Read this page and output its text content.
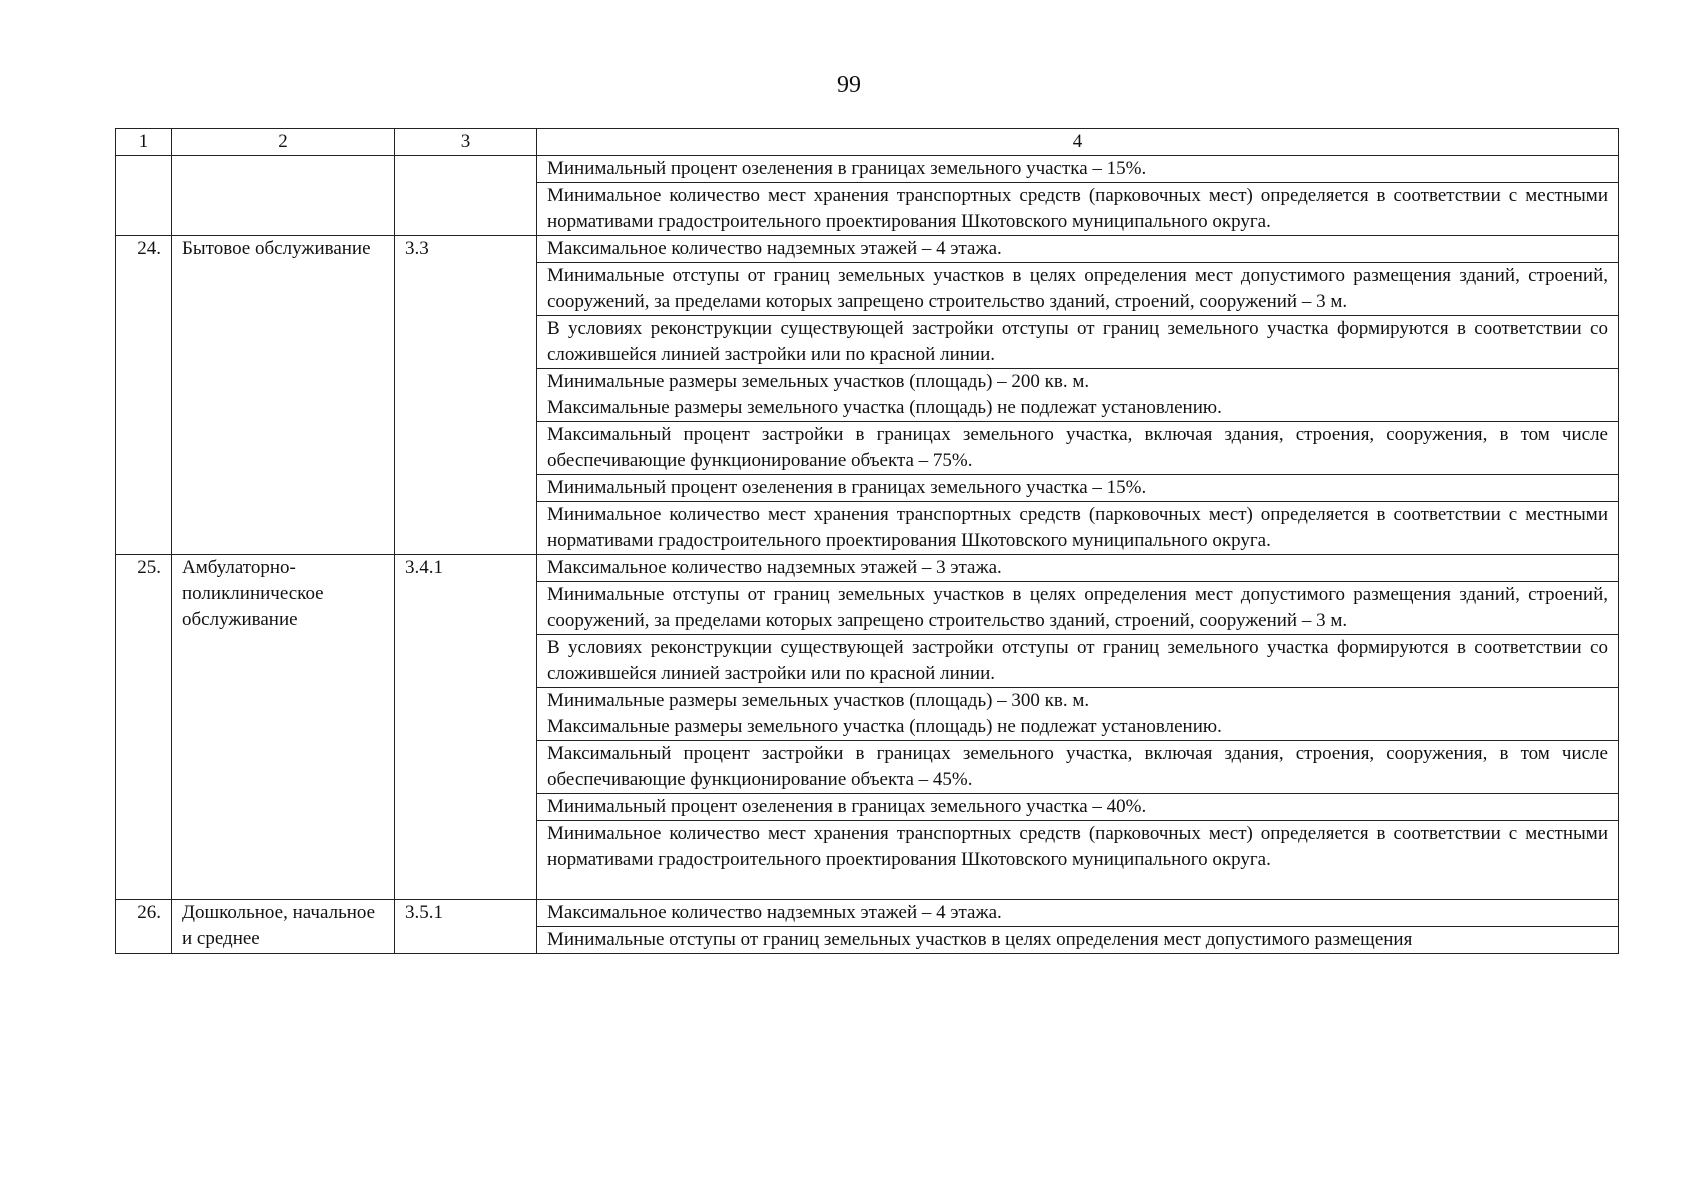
99
1	2	3	4
			Минимальный процент озеленения в границах земельного участка – 15%.
			Минимальное количество мест хранения транспортных средств (парковочных мест) определяется в соответствии с местными нормативами градостроительного проектирования Шкотовского муниципального округа.
24.	Бытовое обслуживание	3.3	Максимальное количество надземных этажей – 4 этажа.
			Минимальные отступы от границ земельных участков в целях определения мест допустимого размещения зданий, строений, сооружений, за пределами которых запрещено строительство зданий, строений, сооружений – 3 м.
			В условиях реконструкции существующей застройки отступы от границ земельного участка формируются в соответствии со сложившейся линией застройки или по красной линии.

			Минимальные размеры земельных участков (площадь) – 200 кв. м.
Максимальные размеры земельного участка (площадь) не подлежат установлению.

			Максимальный процент застройки в границах земельного участка, включая здания, строения, сооружения, в том числе обеспечивающие функционирование объекта – 75%.
			Минимальный процент озеленения в границах земельного участка – 15%.
			Минимальное количество мест хранения транспортных средств (парковочных мест) определяется в соответствии с местными нормативами градостроительного проектирования Шкотовского муниципального округа.
25.	Амбулаторно-поликлиническое обслуживание	3.4.1	Максимальное количество надземных этажей – 3 этажа.
			Минимальные отступы от границ земельных участков в целях определения мест допустимого размещения зданий, строений, сооружений, за пределами которых запрещено строительство зданий, строений, сооружений – 3 м.
			В условиях реконструкции существующей застройки отступы от границ земельного участка формируются в соответствии со сложившейся линией застройки или по красной линии.

			Минимальные размеры земельных участков (площадь) – 300 кв. м.
Максимальные размеры земельного участка (площадь) не подлежат установлению.

			Максимальный процент застройки в границах земельного участка, включая здания, строения, сооружения, в том числе обеспечивающие функционирование объекта – 45%.
			Минимальный процент озеленения в границах земельного участка – 40%.
			Минимальное количество мест хранения транспортных средств (парковочных мест) определяется в соответствии с местными нормативами градостроительного проектирования Шкотовского муниципального округа.
26.	Дошкольное, начальное и среднее	3.5.1	Максимальное количество надземных этажей – 4 этажа.
			Минимальные отступы от границ земельных участков в целях определения мест допустимого размещения
